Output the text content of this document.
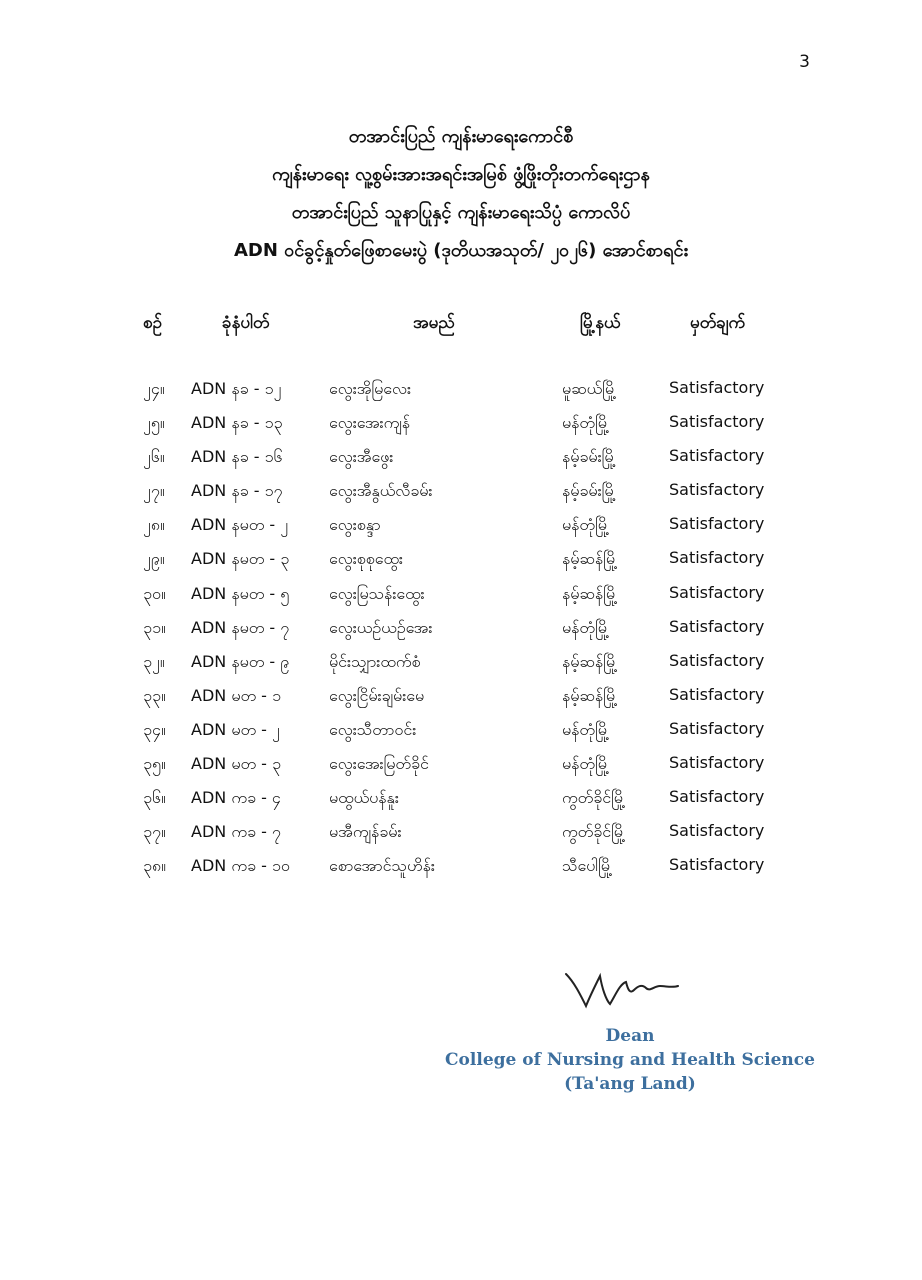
3
တအာင်းပြည် ကျန်းမာရေးကောင်စီ
ကျန်းမာရေး လူ့စွမ်းအားအရင်းအမြစ် ဖွံ့ဖြိုးတိုးတက်ရေးဌာန
တအာင်းပြည် သူနာပြုနှင့် ကျန်းမာရေးသိပ္ပံ ကောလိပ်
ADN ဝင်ခွင့်နှုတ်ဖြေစာမေးပွဲ (ဒုတိယအသုတ်/ ၂၀၂၆) အောင်စာရင်း
စဉ်	ခုံနံပါတ်	အမည်	မြို့နယ်	မှတ်ချက်
၂၄။ ADN နခ - ၁၂	လွေးအိုမြလေး	မူဆယ်မြို့	Satisfactory
၂၅။ ADN နခ - ၁၃	လွေးအေးကျန်	မန်တုံမြို့	Satisfactory
၂၆။ ADN နခ - ၁၆	လွေးအီဖွေး	နမ့်ခမ်းမြို့	Satisfactory
၂၇။ ADN နခ - ၁၇	လွေးအီနွယ်လီခမ်း	နမ့်ခမ်းမြို့	Satisfactory
၂၈။ ADN နမတ - ၂	လွေးစန္ဒာ	မန်တုံမြို့	Satisfactory
၂၉။ ADN နမတ - ၃ လွေးစုစုထွေး	နမ့်ဆန်မြို့	Satisfactory
၃၀။ ADN နမတ - ၅ လွေးမြသန်းထွေး	နမ့်ဆန်မြို့	Satisfactory
၃၁။ ADN နမတ - ၇ လွေးယဉ်ယဉ်အေး	မန်တုံမြို့	Satisfactory
၃၂။ ADN နမတ - ၉ မိုင်းသျှားထက်စံ	နမ့်ဆန်မြို့	Satisfactory
၃၃။ ADN မတ - ၁	လွေးငြိမ်းချမ်းမေ	နမ့်ဆန်မြို့	Satisfactory
၃၄။ ADN မတ - ၂	လွေးသီတာဝင်း	မန်တုံမြို့	Satisfactory
၃၅။ ADN မတ - ၃	လွေးအေးမြတ်ခိုင်	မန်တုံမြို့	Satisfactory
၃၆။ ADN ကခ - ၄	မထွယ်ပန်နူး	ကွတ်ခိုင်မြို့	Satisfactory
၃၇။ ADN ကခ - ၇	မအီကျန်ခမ်း	ကွတ်ခိုင်မြို့	Satisfactory
၃၈။ ADN ကခ - ၁၀ စောအောင်သူဟိန်း	သီပေါမြို့	Satisfactory
Dean
College of Nursing and Health Science
(Ta'ang Land)
